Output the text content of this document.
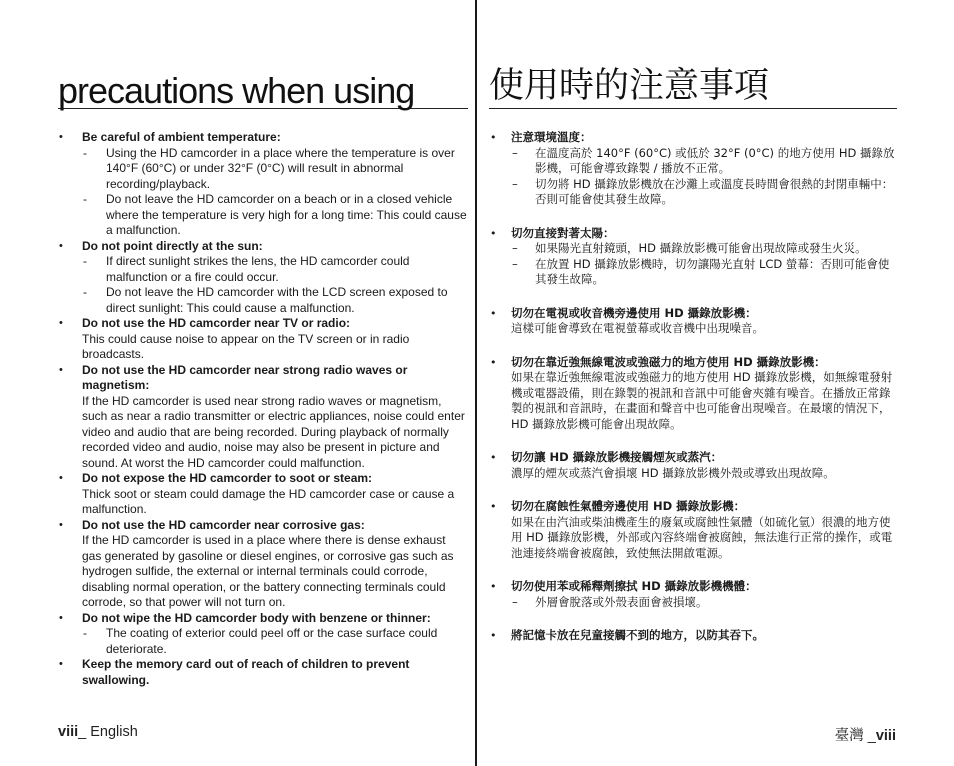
precautions when using
• Be careful of ambient temperature:
- Using the HD camcorder in a place where the temperature is over 140°F (60°C) or under 32°F (0°C) will result in abnormal recording/playback.
- Do not leave the HD camcorder on a beach or in a closed vehicle where the temperature is very high for a long time: This could cause a malfunction.
• Do not point directly at the sun:
- If direct sunlight strikes the lens, the HD camcorder could malfunction or a fire could occur.
- Do not leave the HD camcorder with the LCD screen exposed to direct sunlight: This could cause a malfunction.
• Do not use the HD camcorder near TV or radio:
This could cause noise to appear on the TV screen or in radio broadcasts.
• Do not use the HD camcorder near strong radio waves or magnetism:
If the HD camcorder is used near strong radio waves or magnetism, such as near a radio transmitter or electric appliances, noise could enter video and audio that are being recorded. During playback of normally recorded video and audio, noise may also be present in picture and sound. At worst the HD camcorder could malfunction.
• Do not expose the HD camcorder to soot or steam:
Thick soot or steam could damage the HD camcorder case or cause a malfunction.
• Do not use the HD camcorder near corrosive gas:
If the HD camcorder is used in a place where there is dense exhaust gas generated by gasoline or diesel engines, or corrosive gas such as hydrogen sulfide, the external or internal terminals could corrode, disabling normal operation, or the battery connecting terminals could corrode, so that power will not turn on.
• Do not wipe the HD camcorder body with benzene or thinner:
- The coating of exterior could peel off or the case surface could deteriorate.
• Keep the memory card out of reach of children to prevent swallowing.
使用時的注意事項
• 注意環境溫度：
– 在溫度高於 140°F (60°C) 或低於 32°F (0°C) 的地方使用 HD 攝錄放影機，可能會導致錄製 / 播放不正常。
– 切勿將 HD 攝錄放影機放在沙灘上或溫度長時間會很熱的封閉車輛中：否則可能會使其發生故障。
• 切勿直接對著太陽：
– 如果陽光直射鏡頭，HD 攝錄放影機可能會出現故障或發生火災。
– 在放置 HD 攝錄放影機時，切勿讓陽光直射 LCD 螢幕：否則可能會使其發生故障。
• 切勿在電視或收音機旁邊使用 HD 攝錄放影機：
這樣可能會導致在電視螢幕或收音機中出現噪音。
• 切勿在靠近強無線電波或強磁力的地方使用 HD 攝錄放影機：
如果在靠近強無線電波或強磁力的地方使用 HD 攝錄放影機，如無線電發射機或電器設備，則在錄製的視訊和音訊中可能會夾雜有噪音。在播放正常錄製的視訊和音訊時，在畫面和聲音中也可能會出現噪音。在最壞的情況下，HD 攝錄放影機可能會出現故障。
• 切勿讓 HD 攝錄放影機接觸煙灰或蒸汽：
濃厚的煙灰或蒸汽會損壞 HD 攝錄放影機外殼或導致出現故障。
• 切勿在腐蝕性氣體旁邊使用 HD 攝錄放影機：
如果在由汽油或柴油機產生的廢氣或腐蝕性氣體（如硫化氫）很濃的地方使用 HD 攝錄放影機，外部或內容終端會被腐蝕，無法進行正常的操作，或電池連接終端會被腐蝕，致使無法開啟電源。
• 切勿使用苯或稀釋劑擦拭 HD 攝錄放影機機體：
– 外層會脫落或外殼表面會被損壞。
• 將記憶卡放在兒童接觸不到的地方，以防其吞下。
viii_ English	臺灣 _viii
